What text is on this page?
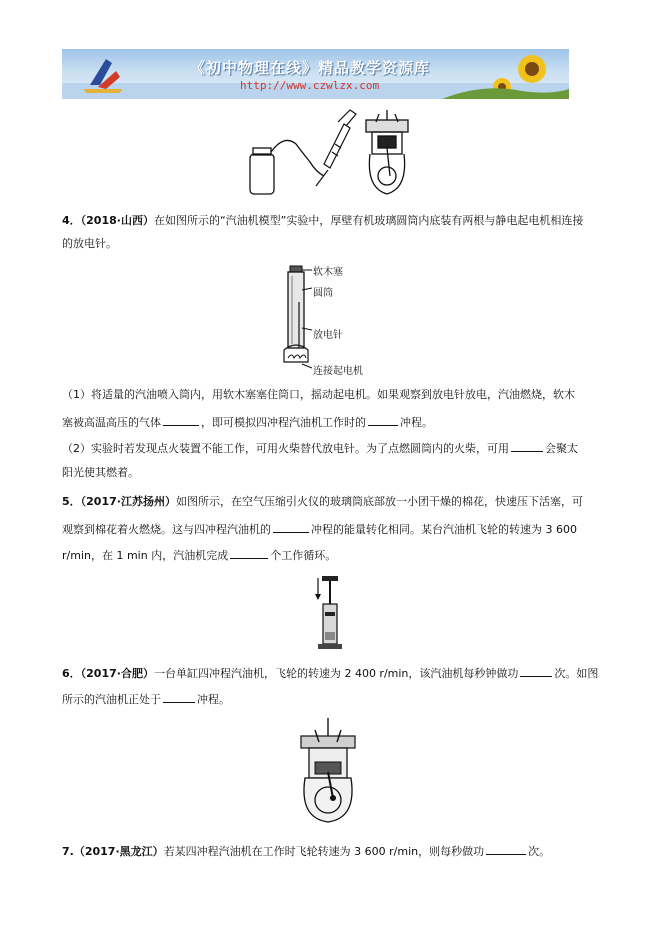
《初中物理在线》精品教学资源库
http://www.czwlzx.com
4．（2018·山西）在如图所示的“汽油机模型”实验中，厚壁有机玻璃圆筒内底装有两根与静电起电机相连接
的放电针。
软木塞
圆筒
放电针
连接起电机
（1）将适量的汽油喷入筒内，用软木塞塞住筒口，摇动起电机。如果观察到放电针放电，汽油燃烧，软木
塞被高温高压的气体	，即可模拟四冲程汽油机工作时的	冲程。
（2）实验时若发现点火装置不能工作，可用火柴替代放电针。为了点燃圆筒内的火柴，可用	会聚太
阳光使其燃着。
5．（2017·江苏扬州）如图所示，在空气压缩引火仪的玻璃筒底部放一小团干燥的棉花，快速压下活塞，可
观察到棉花着火燃烧。这与四冲程汽油机的	冲程的能量转化相同。某台汽油机飞轮的转速为 3 600
r/min，在 1 min 内，汽油机完成	个工作循环。
6．（2017·合肥）一台单缸四冲程汽油机，飞轮的转速为 2 400 r/min，该汽油机每秒钟做功	次。如图
所示的汽油机正处于	冲程。
7.（2017·黑龙江）若某四冲程汽油机在工作时飞轮转速为 3 600 r/min，则每秒做功	次。
